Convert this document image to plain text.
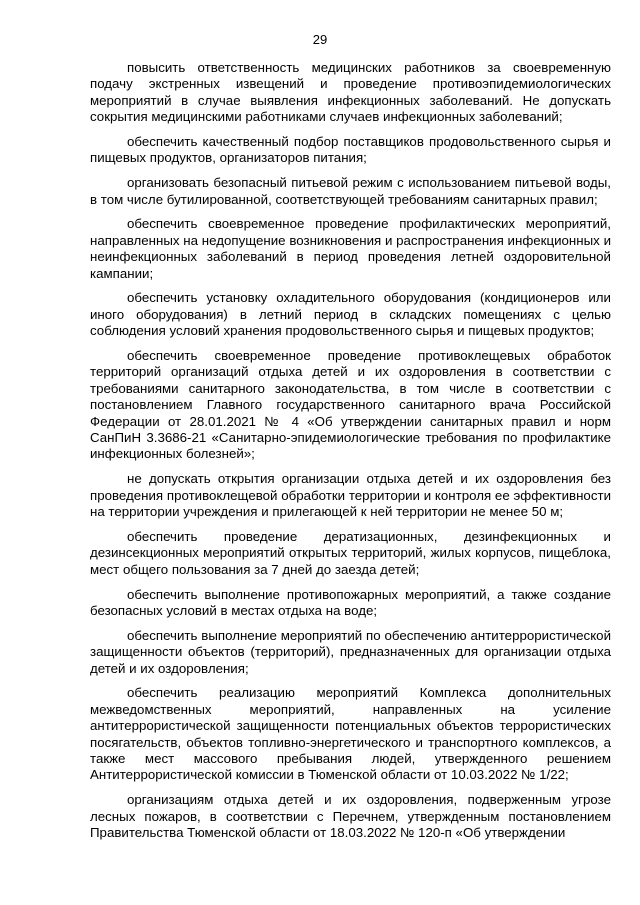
29

повысить ответственность медицинских работников за своевременную подачу экстренных извещений и проведение противоэпидемиологических мероприятий в случае выявления инфекционных заболеваний. Не допускать сокрытия медицинскими работниками случаев инфекционных заболеваний;

обеспечить качественный подбор поставщиков продовольственного сырья и пищевых продуктов, организаторов питания;

организовать безопасный питьевой режим с использованием питьевой воды, в том числе бутилированной, соответствующей требованиям санитарных правил;

обеспечить своевременное проведение профилактических мероприятий, направленных на недопущение возникновения и распространения инфекционных и неинфекционных заболеваний в период проведения летней оздоровительной кампании;

обеспечить установку охладительного оборудования (кондиционеров или иного оборудования) в летний период в складских помещениях с целью соблюдения условий хранения продовольственного сырья и пищевых продуктов;

обеспечить своевременное проведение противоклещевых обработок территорий организаций отдыха детей и их оздоровления в соответствии с требованиями санитарного законодательства, в том числе в соответствии с постановлением Главного государственного санитарного врача Российской Федерации от 28.01.2021 № 4 «Об утверждении санитарных правил и норм СанПиН 3.3686-21 «Санитарно-эпидемиологические требования по профилактике инфекционных болезней»;

не допускать открытия организации отдыха детей и их оздоровления без проведения противоклещевой обработки территории и контроля ее эффективности на территории учреждения и прилегающей к ней территории не менее 50 м;

обеспечить проведение дератизационных, дезинфекционных и дезинсекционных мероприятий открытых территорий, жилых корпусов, пищеблока, мест общего пользования за 7 дней до заезда детей;

обеспечить выполнение противопожарных мероприятий, а также создание безопасных условий в местах отдыха на воде;

обеспечить выполнение мероприятий по обеспечению антитеррористической защищенности объектов (территорий), предназначенных для организации отдыха детей и их оздоровления;

обеспечить реализацию мероприятий Комплекса дополнительных межведомственных мероприятий, направленных на усиление антитеррористической защищенности потенциальных объектов террористических посягательств, объектов топливно-энергетического и транспортного комплексов, а также мест массового пребывания людей, утвержденного решением Антитеррористической комиссии в Тюменской области от 10.03.2022 № 1/22;

организациям отдыха детей и их оздоровления, подверженным угрозе лесных пожаров, в соответствии с Перечнем, утвержденным постановлением Правительства Тюменской области от 18.03.2022 № 120-п «Об утверждении
